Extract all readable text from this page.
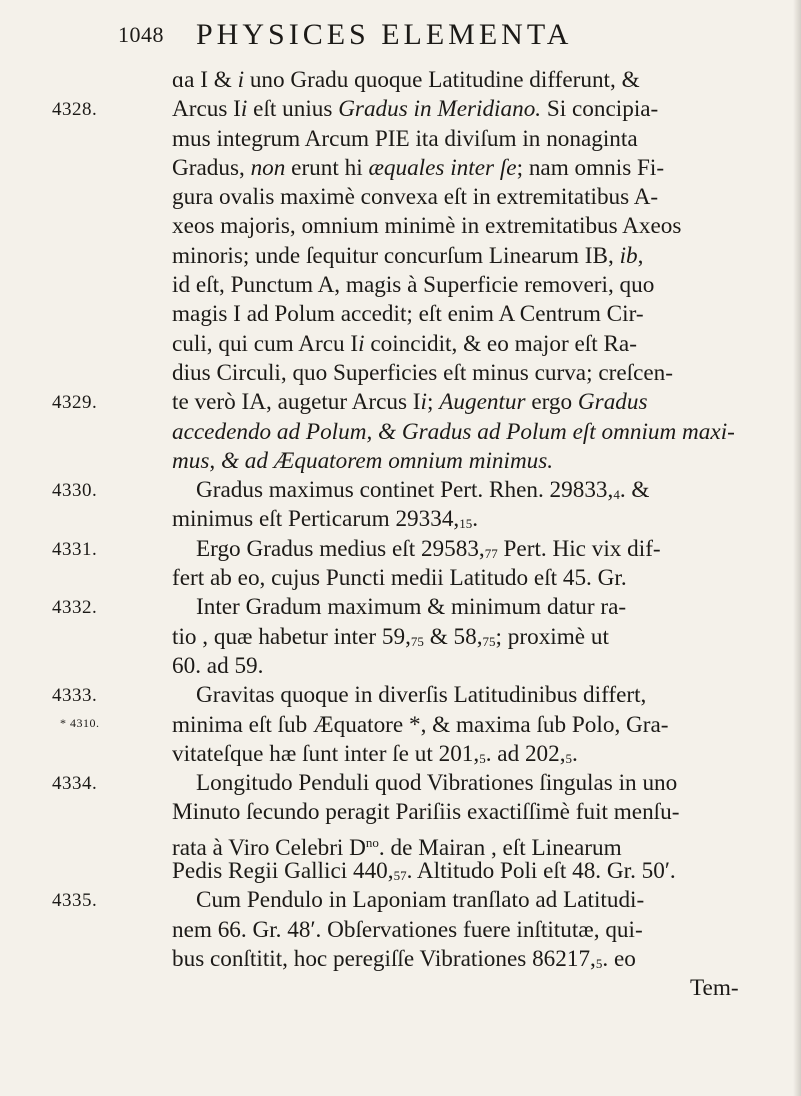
1048 PHYSICES ELEMENTA
ɑa I & i uno Gradu quoque Latitudine differunt, &
4328.	Arcus Ii eſt unius Gradus in Meridiano. Si concipia-
mus integrum Arcum PIE ita diviſum in nonaginta
Gradus, non erunt hi æquales inter ſe; nam omnis Fi-
gura ovalis maximè convexa eſt in extremitatibus A-
xeos majoris, omnium minimè in extremitatibus Axeos
minoris; unde ſequitur concurſum Linearum IB, ib,
id eſt, Punctum A, magis à Superficie removeri, quo
magis I ad Polum accedit; eſt enim A Centrum Cir-
culi, qui cum Arcu Ii coincidit, & eo major eſt Ra-
dius Circuli, quo Superficies eſt minus curva; creſcen-
4329.	te verò IA, augetur Arcus Ii; Augentur ergo Gradus
accedendo ad Polum, & Gradus ad Polum eſt omnium maxi-
mus, & ad Æquatorem omnium minimus.
4330.	Gradus maximus continet Pert. Rhen. $29833,_4$. &
minimus eſt Perticarum $29334,_{15}$.
4331.	Ergo Gradus medius eſt $29583,_{77}$ Pert. Hic vix dif-
fert ab eo, cujus Puncti medii Latitudo eſt 45. Gr.
4332.	Inter Gradum maximum & minimum datur ra-
tio , quæ habetur inter $59,_{75}$ & $58,_{75}$; proximè ut
60. ad 59.
4333.	Gravitas quoque in diverſis Latitudinibus differt,
* 4310.	minima eſt ſub Æquatore *, & maxima ſub Polo, Gra-
vitateſque hæ ſunt inter ſe ut $201,_5$. ad $202,_5$.
4334.	Longitudo Penduli quod Vibrationes ſingulas in uno
Minuto ſecundo peragit Pariſiis exactiſſimè fuit menſu-
rata à Viro Celebri $D^{no}$. de Mairan , eſt Linearum
Pedis Regii Gallici $440,_{57}$. Altitudo Poli eſt 48. Gr. 50′.
4335.	Cum Pendulo in Laponiam tranſlato ad Latitudi-
nem 66. Gr. 48′. Obſervationes fuere inſtitutæ, qui-
bus conſtitit, hoc peregiſſe Vibrationes $86217,_5$. eo
Tem-
